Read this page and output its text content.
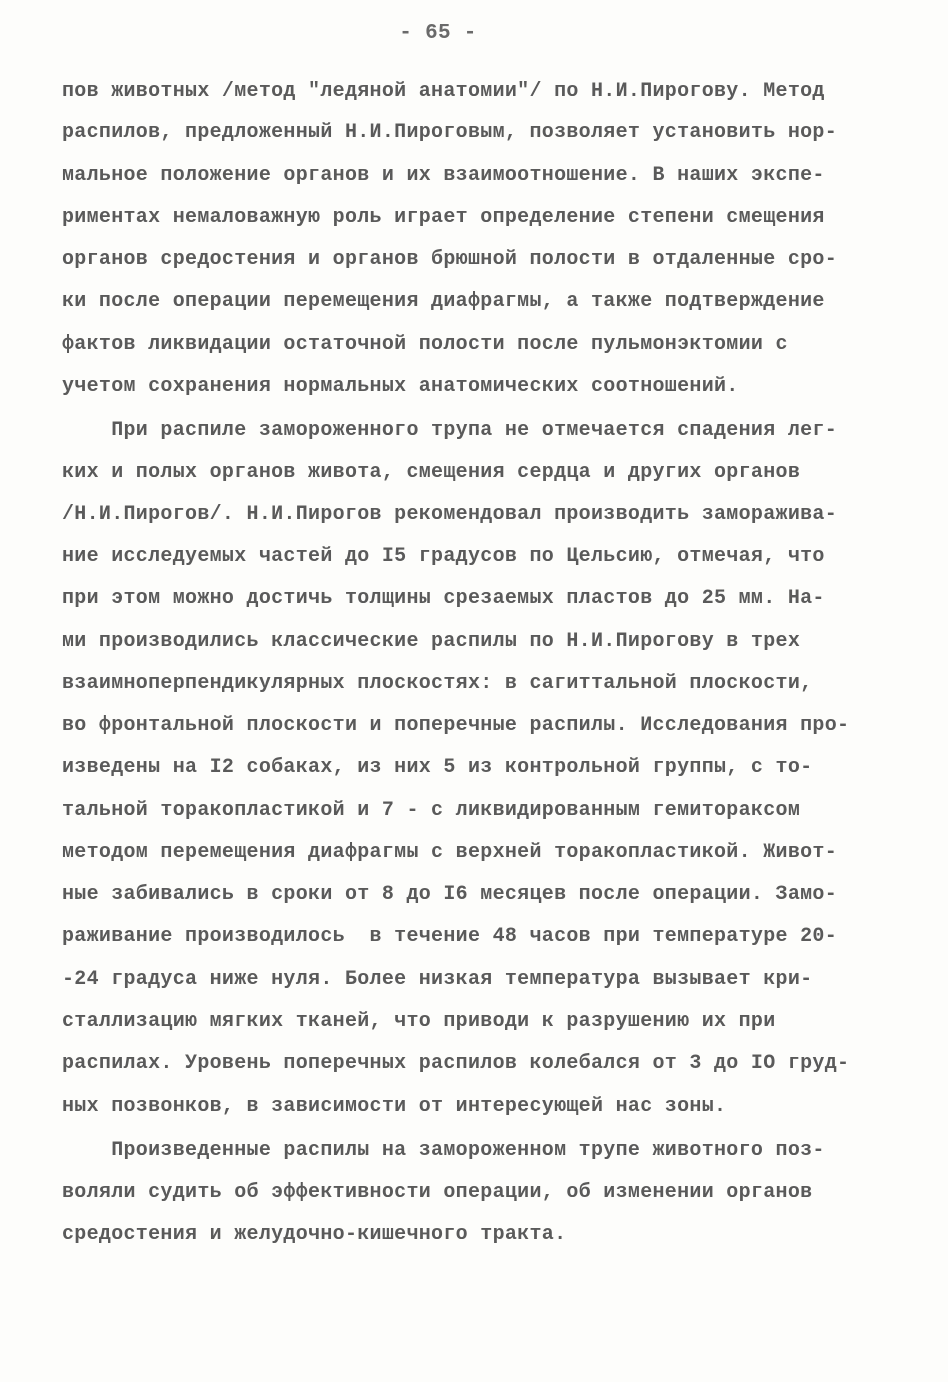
- 65 -
пов животных /метод "ледяной анатомии"/ по Н.И.Пирогову. Метод
распилов, предложенный Н.И.Пироговым, позволяет установить нор-
мальное положение органов и их взаимоотношение. В наших экспе-
риментах немаловажную роль играет определение степени смещения
органов средостения и органов брюшной полости в отдаленные сро-
ки после операции перемещения диафрагмы, а также подтверждение
фактов ликвидации остаточной полости после пульмонэктомии с
учетом сохранения нормальных анатомических соотношений.
При распиле замороженного трупа не отмечается спадения лег-
ких и полых органов живота, смещения сердца и других органов
/Н.И.Пирогов/. Н.И.Пирогов рекомендовал производить заморажива-
ние исследуемых частей до I5 градусов по Цельсию, отмечая, что
при этом можно достичь толщины срезаемых пластов до 25 мм. На-
ми производились классические распилы по Н.И.Пирогову в трех
взаимноперпендикулярных плоскостях: в сагиттальной плоскости,
во фронтальной плоскости и поперечные распилы. Исследования про-
изведены на I2 собаках, из них 5 из контрольной группы, с то-
тальной торакопластикой и 7 - с ликвидированным гемитораксом
методом перемещения диафрагмы с верхней торакопластикой. Живот-
ные забивались в сроки от 8 до I6 месяцев после операции. Замо-
раживание производилось  в течение 48 часов при температуре 20-
-24 градуса ниже нуля. Более низкая температура вызывает кри-
сталлизацию мягких тканей, что приводи к разрушению их при
распилах. Уровень поперечных распилов колебался от 3 до IO груд-
ных позвонков, в зависимости от интересующей нас зоны.
Произведенные распилы на замороженном трупе животного поз-
воляли судить об эффективности операции, об изменении органов
средостения и желудочно-кишечного тракта.
